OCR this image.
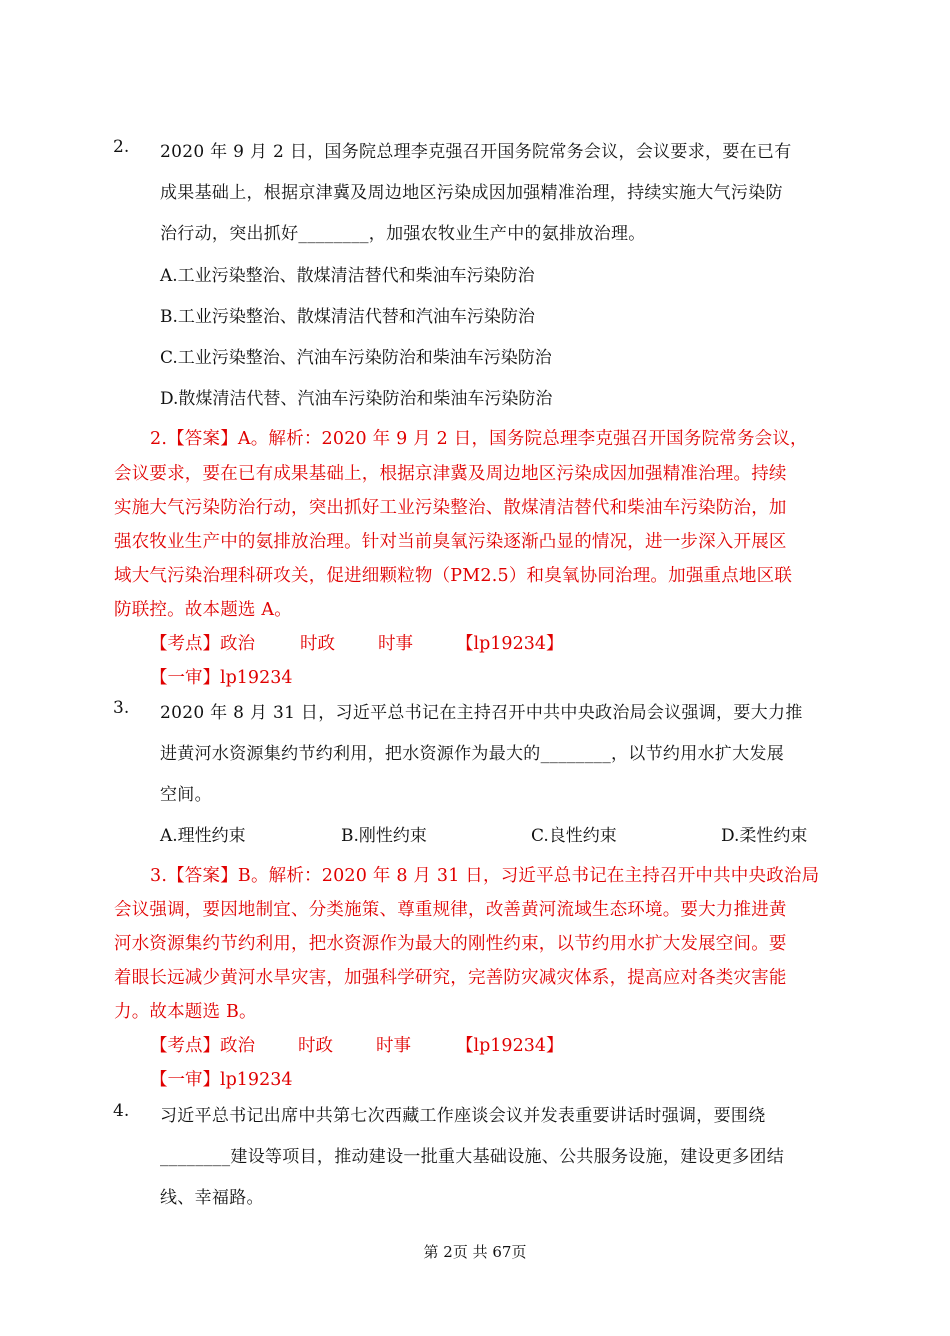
2. 2020 年 9 月 2 日，国务院总理李克强召开国务院常务会议，会议要求，要在已有
成果基础上，根据京津冀及周边地区污染成因加强精准治理，持续实施大气污染防
治行动，突出抓好________，加强农牧业生产中的氨排放治理。
A.工业污染整治、散煤清洁替代和柴油车污染防治
B.工业污染整治、散煤清洁代替和汽油车污染防治
C.工业污染整治、汽油车污染防治和柴油车污染防治
D.散煤清洁代替、汽油车污染防治和柴油车污染防治
2.【答案】A。解析：2020 年 9 月 2 日，国务院总理李克强召开国务院常务会议，
会议要求，要在已有成果基础上，根据京津冀及周边地区污染成因加强精准治理。持续
实施大气污染防治行动，突出抓好工业污染整治、散煤清洁替代和柴油车污染防治，加
强农牧业生产中的氨排放治理。针对当前臭氧污染逐渐凸显的情况，进一步深入开展区
域大气污染治理科研攻关，促进细颗粒物（PM2.5）和臭氧协同治理。加强重点地区联
防联控。故本题选 A。
【考点】政治	时政 时事 【lp19234】
【一审】lp19234
3. 2020 年 8 月 31 日，习近平总书记在主持召开中共中央政治局会议强调，要大力推
进黄河水资源集约节约利用，把水资源作为最大的________，以节约用水扩大发展
空间。
A.理性约束	B.刚性约束	C.良性约束	D.柔性约束
3.【答案】B。解析：2020 年 8 月 31 日，习近平总书记在主持召开中共中央政治局
会议强调，要因地制宜、分类施策、尊重规律，改善黄河流域生态环境。要大力推进黄
河水资源集约节约利用，把水资源作为最大的刚性约束，以节约用水扩大发展空间。要
着眼长远减少黄河水旱灾害，加强科学研究，完善防灾减灾体系，提高应对各类灾害能
力。故本题选 B。
【考点】政治 时政 时事	【lp19234】
【一审】lp19234
4. 习近平总书记出席中共第七次西藏工作座谈会议并发表重要讲话时强调，要围绕
________建设等项目，推动建设一批重大基础设施、公共服务设施，建设更多团结
线、幸福路。
第 2页 共 67页
